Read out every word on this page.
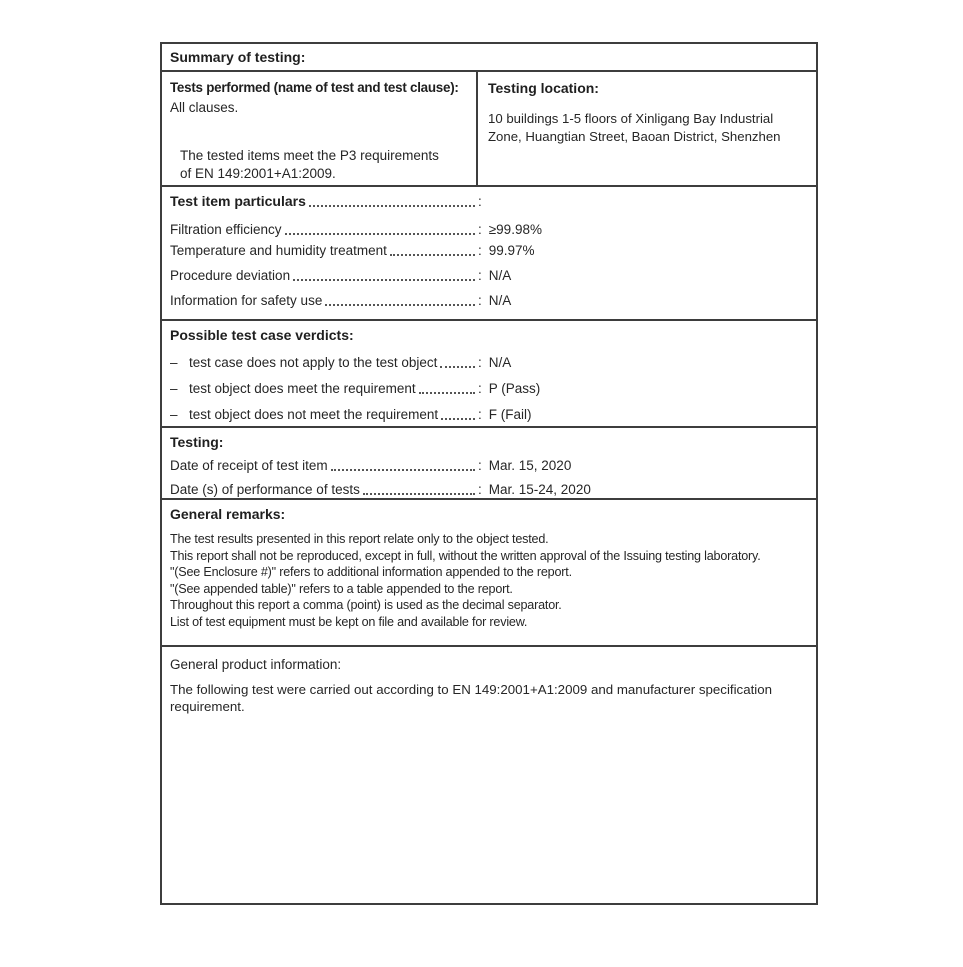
Summary of testing:
Tests performed (name of test and test clause):
All clauses.
The tested items meet the P3 requirements
of EN 149:2001+A1:2009.
Testing location:
10 buildings 1-5 floors of Xinligang Bay Industrial Zone, Huangtian Street, Baoan District, Shenzhen
Test item particulars	:
Filtration efficiency	: ≥99.98%
Temperature and humidity treatment	: 99.97%
Procedure deviation	: N/A
Information for safety use	: N/A
Possible test case verdicts:
– test case does not apply to the test object	: N/A
– test object does meet the requirement	: P (Pass)
– test object does not meet the requirement	: F (Fail)
Testing:
Date of receipt of test item	: Mar. 15, 2020
Date (s) of performance of tests	: Mar. 15-24, 2020
General remarks:
The test results presented in this report relate only to the object tested.
This report shall not be reproduced, except in full, without the written approval of the Issuing testing laboratory.
"(See Enclosure #)" refers to additional information appended to the report.
"(See appended table)" refers to a table appended to the report.
Throughout this report a comma (point) is used as the decimal separator.
List of test equipment must be kept on file and available for review.
General product information:
The following test were carried out according to EN 149:2001+A1:2009 and manufacturer specification requirement.
